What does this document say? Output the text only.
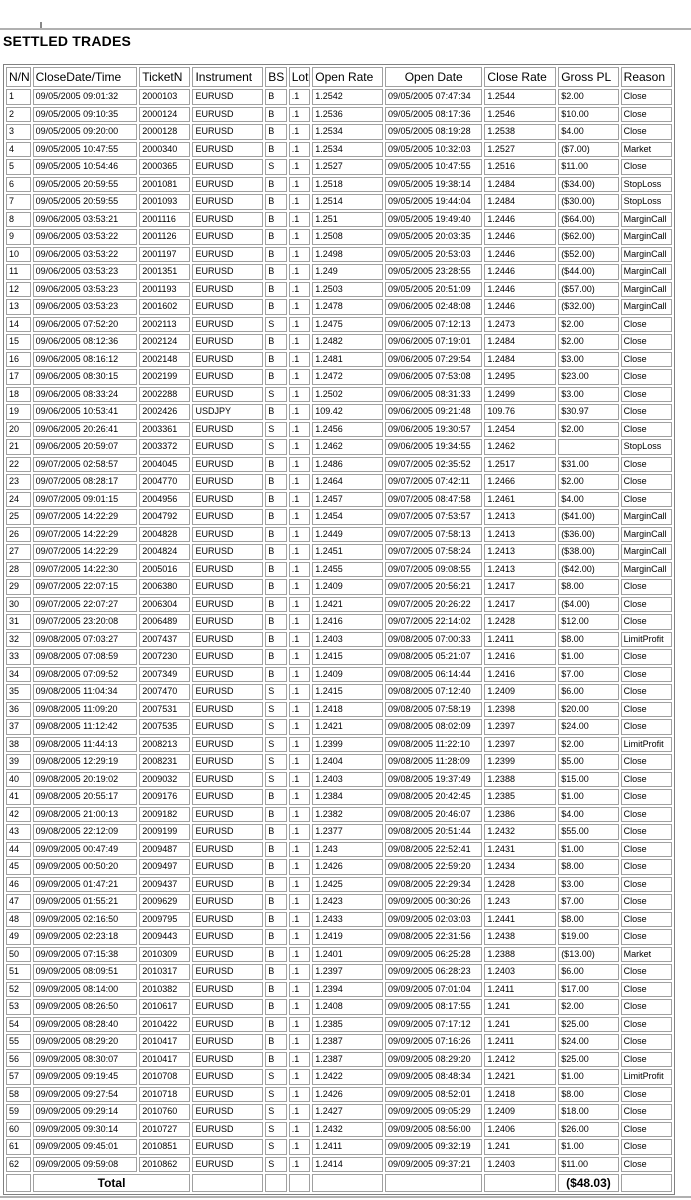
SETTLED TRADES
N/N	CloseDate/Time	TicketN	Instrument	BS	Lot	Open Rate	Open Date	Close Rate	Gross PL	Reason
1	09/05/2005 09:01:32	2000103	EURUSD	B	.1	1.2542	09/05/2005 07:47:34	1.2544	$2.00	Close
2	09/05/2005 09:10:35	2000124	EURUSD	B	.1	1.2536	09/05/2005 08:17:36	1.2546	$10.00	Close
3	09/05/2005 09:20:00	2000128	EURUSD	B	.1	1.2534	09/05/2005 08:19:28	1.2538	$4.00	Close
4	09/05/2005 10:47:55	2000340	EURUSD	B	.1	1.2534	09/05/2005 10:32:03	1.2527	($7.00)	Market
5	09/05/2005 10:54:46	2000365	EURUSD	S	.1	1.2527	09/05/2005 10:47:55	1.2516	$11.00	Close
6	09/05/2005 20:59:55	2001081	EURUSD	B	.1	1.2518	09/05/2005 19:38:14	1.2484	($34.00)	StopLoss
7	09/05/2005 20:59:55	2001093	EURUSD	B	.1	1.2514	09/05/2005 19:44:04	1.2484	($30.00)	StopLoss
8	09/06/2005 03:53:21	2001116	EURUSD	B	.1	1.251	09/05/2005 19:49:40	1.2446	($64.00)	MarginCall
9	09/06/2005 03:53:22	2001126	EURUSD	B	.1	1.2508	09/05/2005 20:03:35	1.2446	($62.00)	MarginCall
10	09/06/2005 03:53:22	2001197	EURUSD	B	.1	1.2498	09/05/2005 20:53:03	1.2446	($52.00)	MarginCall
11	09/06/2005 03:53:23	2001351	EURUSD	B	.1	1.249	09/05/2005 23:28:55	1.2446	($44.00)	MarginCall
12	09/06/2005 03:53:23	2001193	EURUSD	B	.1	1.2503	09/05/2005 20:51:09	1.2446	($57.00)	MarginCall
13	09/06/2005 03:53:23	2001602	EURUSD	B	.1	1.2478	09/06/2005 02:48:08	1.2446	($32.00)	MarginCall
14	09/06/2005 07:52:20	2002113	EURUSD	S	.1	1.2475	09/06/2005 07:12:13	1.2473	$2.00	Close
15	09/06/2005 08:12:36	2002124	EURUSD	B	.1	1.2482	09/06/2005 07:19:01	1.2484	$2.00	Close
16	09/06/2005 08:16:12	2002148	EURUSD	B	.1	1.2481	09/06/2005 07:29:54	1.2484	$3.00	Close
17	09/06/2005 08:30:15	2002199	EURUSD	B	.1	1.2472	09/06/2005 07:53:08	1.2495	$23.00	Close
18	09/06/2005 08:33:24	2002288	EURUSD	S	.1	1.2502	09/06/2005 08:31:33	1.2499	$3.00	Close
19	09/06/2005 10:53:41	2002426	USDJPY	B	.1	109.42	09/06/2005 09:21:48	109.76	$30.97	Close
20	09/06/2005 20:26:41	2003361	EURUSD	S	.1	1.2456	09/06/2005 19:30:57	1.2454	$2.00	Close
21	09/06/2005 20:59:07	2003372	EURUSD	S	.1	1.2462	09/06/2005 19:34:55	1.2462		StopLoss
22	09/07/2005 02:58:57	2004045	EURUSD	B	.1	1.2486	09/07/2005 02:35:52	1.2517	$31.00	Close
23	09/07/2005 08:28:17	2004770	EURUSD	B	.1	1.2464	09/07/2005 07:42:11	1.2466	$2.00	Close
24	09/07/2005 09:01:15	2004956	EURUSD	B	.1	1.2457	09/07/2005 08:47:58	1.2461	$4.00	Close
25	09/07/2005 14:22:29	2004792	EURUSD	B	.1	1.2454	09/07/2005 07:53:57	1.2413	($41.00)	MarginCall
26	09/07/2005 14:22:29	2004828	EURUSD	B	.1	1.2449	09/07/2005 07:58:13	1.2413	($36.00)	MarginCall
27	09/07/2005 14:22:29	2004824	EURUSD	B	.1	1.2451	09/07/2005 07:58:24	1.2413	($38.00)	MarginCall
28	09/07/2005 14:22:30	2005016	EURUSD	B	.1	1.2455	09/07/2005 09:08:55	1.2413	($42.00)	MarginCall
29	09/07/2005 22:07:15	2006380	EURUSD	B	.1	1.2409	09/07/2005 20:56:21	1.2417	$8.00	Close
30	09/07/2005 22:07:27	2006304	EURUSD	B	.1	1.2421	09/07/2005 20:26:22	1.2417	($4.00)	Close
31	09/07/2005 23:20:08	2006489	EURUSD	B	.1	1.2416	09/07/2005 22:14:02	1.2428	$12.00	Close
32	09/08/2005 07:03:27	2007437	EURUSD	B	.1	1.2403	09/08/2005 07:00:33	1.2411	$8.00	LimitProfit
33	09/08/2005 07:08:59	2007230	EURUSD	B	.1	1.2415	09/08/2005 05:21:07	1.2416	$1.00	Close
34	09/08/2005 07:09:52	2007349	EURUSD	B	.1	1.2409	09/08/2005 06:14:44	1.2416	$7.00	Close
35	09/08/2005 11:04:34	2007470	EURUSD	S	.1	1.2415	09/08/2005 07:12:40	1.2409	$6.00	Close
36	09/08/2005 11:09:20	2007531	EURUSD	S	.1	1.2418	09/08/2005 07:58:19	1.2398	$20.00	Close
37	09/08/2005 11:12:42	2007535	EURUSD	S	.1	1.2421	09/08/2005 08:02:09	1.2397	$24.00	Close
38	09/08/2005 11:44:13	2008213	EURUSD	S	.1	1.2399	09/08/2005 11:22:10	1.2397	$2.00	LimitProfit
39	09/08/2005 12:29:19	2008231	EURUSD	S	.1	1.2404	09/08/2005 11:28:09	1.2399	$5.00	Close
40	09/08/2005 20:19:02	2009032	EURUSD	S	.1	1.2403	09/08/2005 19:37:49	1.2388	$15.00	Close
41	09/08/2005 20:55:17	2009176	EURUSD	B	.1	1.2384	09/08/2005 20:42:45	1.2385	$1.00	Close
42	09/08/2005 21:00:13	2009182	EURUSD	B	.1	1.2382	09/08/2005 20:46:07	1.2386	$4.00	Close
43	09/08/2005 22:12:09	2009199	EURUSD	B	.1	1.2377	09/08/2005 20:51:44	1.2432	$55.00	Close
44	09/09/2005 00:47:49	2009487	EURUSD	B	.1	1.243	09/08/2005 22:52:41	1.2431	$1.00	Close
45	09/09/2005 00:50:20	2009497	EURUSD	B	.1	1.2426	09/08/2005 22:59:20	1.2434	$8.00	Close
46	09/09/2005 01:47:21	2009437	EURUSD	B	.1	1.2425	09/08/2005 22:29:34	1.2428	$3.00	Close
47	09/09/2005 01:55:21	2009629	EURUSD	B	.1	1.2423	09/09/2005 00:30:26	1.243	$7.00	Close
48	09/09/2005 02:16:50	2009795	EURUSD	B	.1	1.2433	09/09/2005 02:03:03	1.2441	$8.00	Close
49	09/09/2005 02:23:18	2009443	EURUSD	B	.1	1.2419	09/08/2005 22:31:56	1.2438	$19.00	Close
50	09/09/2005 07:15:38	2010309	EURUSD	B	.1	1.2401	09/09/2005 06:25:28	1.2388	($13.00)	Market
51	09/09/2005 08:09:51	2010317	EURUSD	B	.1	1.2397	09/09/2005 06:28:23	1.2403	$6.00	Close
52	09/09/2005 08:14:00	2010382	EURUSD	B	.1	1.2394	09/09/2005 07:01:04	1.2411	$17.00	Close
53	09/09/2005 08:26:50	2010617	EURUSD	B	.1	1.2408	09/09/2005 08:17:55	1.241	$2.00	Close
54	09/09/2005 08:28:40	2010422	EURUSD	B	.1	1.2385	09/09/2005 07:17:12	1.241	$25.00	Close
55	09/09/2005 08:29:20	2010417	EURUSD	B	.1	1.2387	09/09/2005 07:16:26	1.2411	$24.00	Close
56	09/09/2005 08:30:07	2010417	EURUSD	B	.1	1.2387	09/09/2005 08:29:20	1.2412	$25.00	Close
57	09/09/2005 09:19:45	2010708	EURUSD	S	.1	1.2422	09/09/2005 08:48:34	1.2421	$1.00	LimitProfit
58	09/09/2005 09:27:54	2010718	EURUSD	S	.1	1.2426	09/09/2005 08:52:01	1.2418	$8.00	Close
59	09/09/2005 09:29:14	2010760	EURUSD	S	.1	1.2427	09/09/2005 09:05:29	1.2409	$18.00	Close
60	09/09/2005 09:30:14	2010727	EURUSD	S	.1	1.2432	09/09/2005 08:56:00	1.2406	$26.00	Close
61	09/09/2005 09:45:01	2010851	EURUSD	S	.1	1.2411	09/09/2005 09:32:19	1.241	$1.00	Close
62	09/09/2005 09:59:08	2010862	EURUSD	S	.1	1.2414	09/09/2005 09:37:21	1.2403	$11.00	Close
	Total								($48.03)	
